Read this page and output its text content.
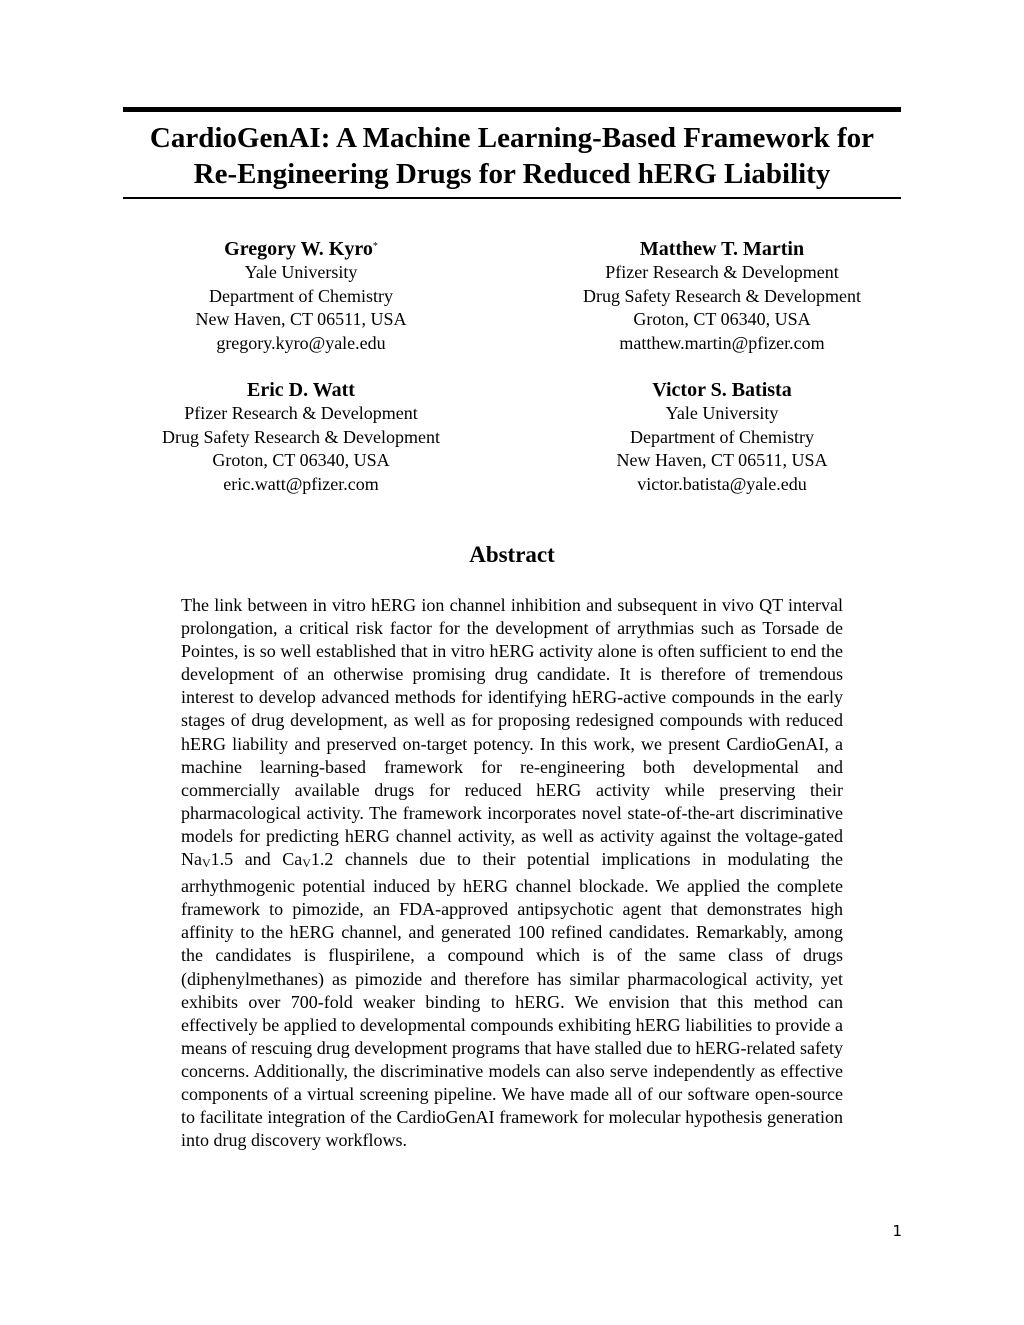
CardioGenAI: A Machine Learning-Based Framework for
Re-Engineering Drugs for Reduced hERG Liability
Gregory W. Kyro*
Yale University
Department of Chemistry
New Haven, CT 06511, USA
gregory.kyro@yale.edu
Matthew T. Martin
Pfizer Research & Development
Drug Safety Research & Development
Groton, CT 06340, USA
matthew.martin@pfizer.com
Eric D. Watt
Pfizer Research & Development
Drug Safety Research & Development
Groton, CT 06340, USA
eric.watt@pfizer.com
Victor S. Batista
Yale University
Department of Chemistry
New Haven, CT 06511, USA
victor.batista@yale.edu
Abstract

The link between in vitro hERG ion channel inhibition and subsequent in vivo QT interval prolongation, a critical risk factor for the development of arrythmias such as Torsade de Pointes, is so well established that in vitro hERG activity alone is often sufficient to end the development of an otherwise promising drug candidate. It is therefore of tremendous interest to develop advanced methods for identifying hERG-active compounds in the early stages of drug development, as well as for proposing redesigned compounds with reduced hERG liability and preserved on-target potency. In this work, we present CardioGenAI, a machine learning-based framework for re-engineering both developmental and commercially available drugs for reduced hERG activity while preserving their pharmacological activity. The framework incorporates novel state-of-the-art discriminative models for predicting hERG channel activity, as well as activity against the voltage-gated NaV1.5 and CaV1.2 channels due to their potential implications in modulating the arrhythmogenic potential induced by hERG channel blockade. We applied the complete framework to pimozide, an FDA-approved antipsychotic agent that demonstrates high affinity to the hERG channel, and generated 100 refined candidates. Remarkably, among the candidates is fluspirilene, a compound which is of the same class of drugs (diphenylmethanes) as pimozide and therefore has similar pharmacological activity, yet exhibits over 700-fold weaker binding to hERG. We envision that this method can effectively be applied to developmental compounds exhibiting hERG liabilities to provide a means of rescuing drug development programs that have stalled due to hERG-related safety concerns. Additionally, the discriminative models can also serve independently as effective components of a virtual screening pipeline. We have made all of our software open-source to facilitate integration of the CardioGenAI framework for molecular hypothesis generation into drug discovery workflows.

1
